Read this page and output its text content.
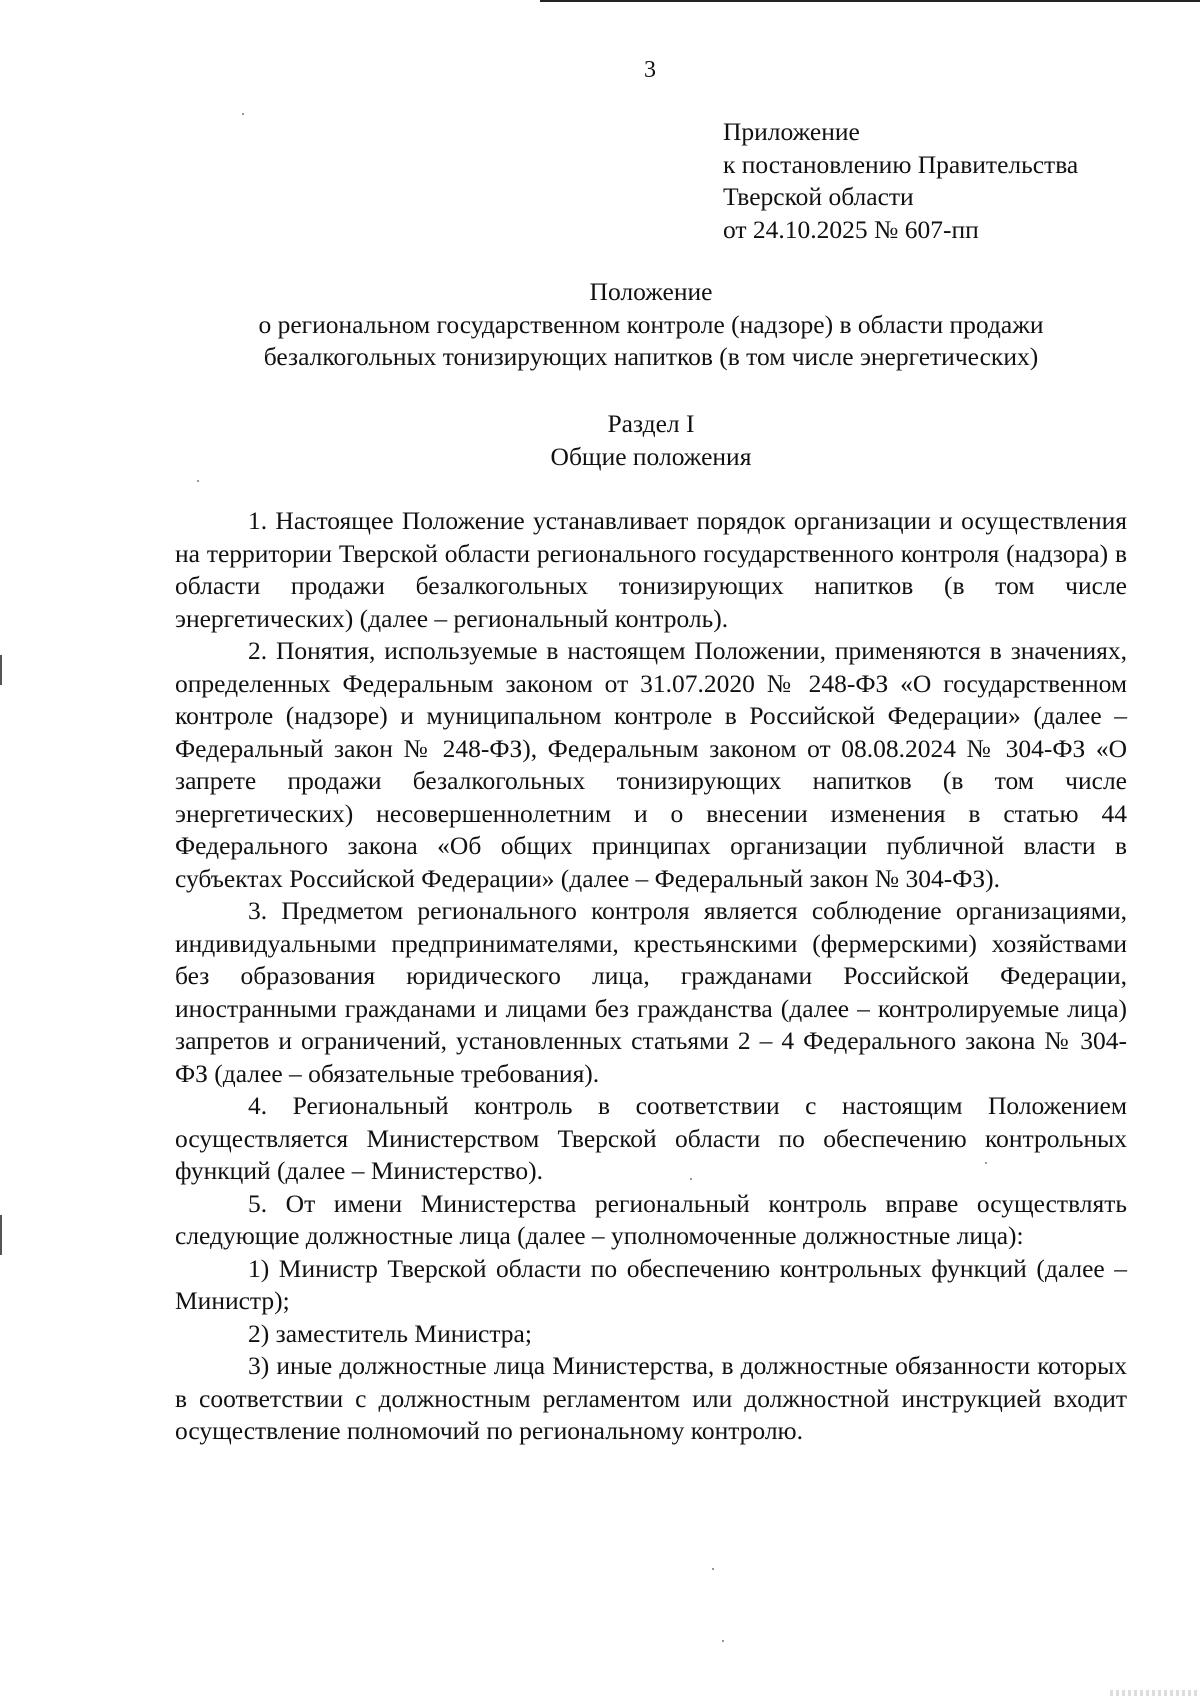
3
Приложение
к постановлению Правительства
Тверской области
от 24.10.2025 № 607-пп
Положение
о региональном государственном контроле (надзоре) в области продажи
безалкогольных тонизирующих напитков (в том числе энергетических)
Раздел I
Общие положения

1. Настоящее Положение устанавливает порядок организации и осуществления на территории Тверской области регионального государственного контроля (надзора) в области продажи безалкогольных тонизирующих напитков (в том числе энергетических) (далее – региональный контроль).

2. Понятия, используемые в настоящем Положении, применяются в значениях, определенных Федеральным законом от 31.07.2020 № 248-ФЗ «О государственном контроле (надзоре) и муниципальном контроле в Российской Федерации» (далее – Федеральный закон № 248-ФЗ), Федеральным законом от 08.08.2024 № 304-ФЗ «О запрете продажи безалкогольных тонизирующих напитков (в том числе энергетических) несовершеннолетним и о внесении изменения в статью 44 Федерального закона «Об общих принципах организации публичной власти в субъектах Российской Федерации» (далее – Федеральный закон № 304-ФЗ).

3. Предметом регионального контроля является соблюдение организациями, индивидуальными предпринимателями, крестьянскими (фермерскими) хозяйствами без образования юридического лица, гражданами Российской Федерации, иностранными гражданами и лицами без гражданства (далее – контролируемые лица) запретов и ограничений, установленных статьями 2 – 4 Федерального закона № 304-ФЗ (далее – обязательные требования).

4. Региональный контроль в соответствии с настоящим Положением осуществляется Министерством Тверской области по обеспечению контрольных функций (далее – Министерство).

5. От имени Министерства региональный контроль вправе осуществлять следующие должностные лица (далее – уполномоченные должностные лица):

1) Министр Тверской области по обеспечению контрольных функций (далее – Министр);

2) заместитель Министра;

3) иные должностные лица Министерства, в должностные обязанности которых в соответствии с должностным регламентом или должностной инструкцией входит осуществление полномочий по региональному контролю.
